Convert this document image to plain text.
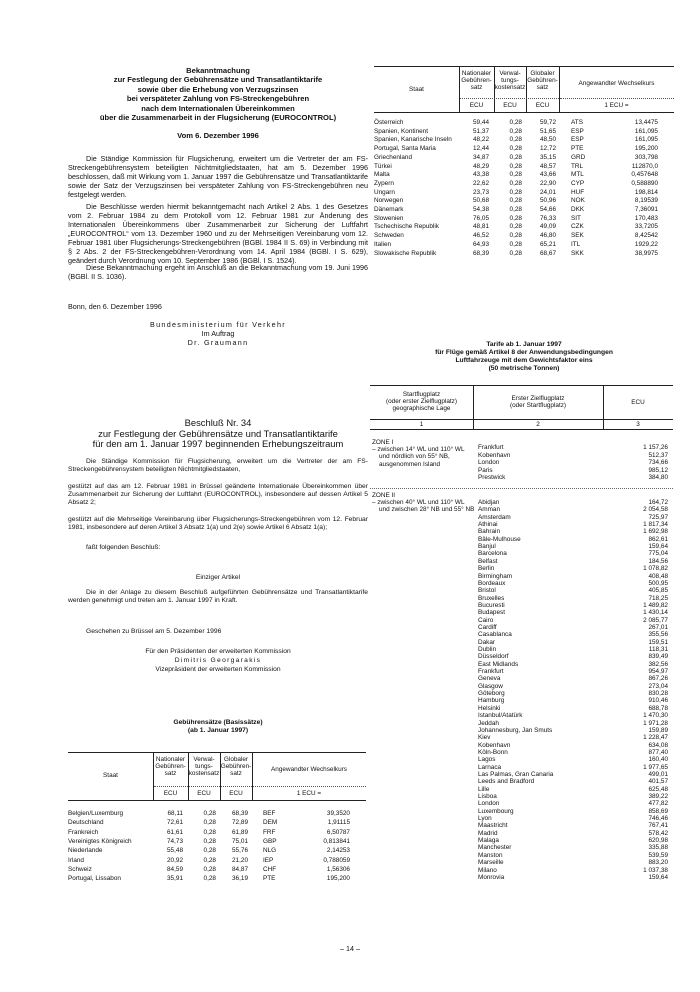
Bekanntmachung
zur Festlegung der Gebührensätze und Transatlantiktarife
sowie über die Erhebung von Verzugszinsen
bei verspäteter Zahlung von FS-Streckengebühren
nach dem Internationalen Übereinkommen
über die Zusammenarbeit in der Flugsicherung (EUROCONTROL)
Vom 6. Dezember 1996
Die Ständige Kommission für Flugsicherung, erweitert um die Vertreter der am FS-Streckengebührensystem beteiligten Nichtmitgliedstaaten, hat am 5. Dezember 1996 beschlossen, daß mit Wirkung vom 1. Januar 1997 die Gebührensätze und Transatlantiktarife sowie der Satz der Verzugszinsen bei verspäteter Zahlung von FS-Streckengebühren neu festgelegt werden.
Die Beschlüsse werden hiermit bekanntgemacht nach Artikel 2 Abs. 1 des Gesetzes vom 2. Februar 1984 zu dem Protokoll vom 12. Februar 1981 zur Änderung des Internationalen Übereinkommens über Zusammenarbeit zur Sicherung der Luftfahrt „EUROCONTROL“ vom 13. Dezember 1960 und zu der Mehrseitigen Vereinbarung vom 12. Februar 1981 über Flugsicherungs-Streckengebühren (BGBl. 1984 II S. 69) in Verbindung mit § 2 Abs. 2 der FS-Streckengebühren-Verordnung vom 14. April 1984 (BGBl. I S. 629), geändert durch Verordnung vom 10. September 1986 (BGBl. I S. 1524).
Diese Bekanntmachung ergeht im Anschluß an die Bekanntmachung vom 19. Juni 1996 (BGBl. II S. 1036).
Bonn, den 6. Dezember 1996
Bundesministerium für Verkehr
Im Auftrag
Dr. Graumann
Beschluß Nr. 34
zur Festlegung der Gebührensätze und Transatlantiktarife
für den am 1. Januar 1997 beginnenden Erhebungszeitraum
Die Ständige Kommission für Flugsicherung, erweitert um die Vertreter der am FS-Streckengebührensystem beteiligten Nichtmitgliedstaaten,
gestützt auf das am 12. Februar 1981 in Brüssel geänderte Internationale Übereinkommen über Zusammenarbeit zur Sicherung der Luftfahrt (EUROCONTROL), insbesondere auf dessen Artikel 5 Absatz 2;
gestützt auf die Mehrseitige Vereinbarung über Flugsicherungs-Streckengebühren vom 12. Februar 1981, insbesondere auf deren Artikel 3 Absatz 1(a) und 2(e) sowie Artikel 6 Absatz 1(a);
faßt folgenden Beschluß:
Einziger Artikel
Die in der Anlage zu diesem Beschluß aufgeführten Gebührensätze und Transatlantiktarife werden genehmigt und treten am 1. Januar 1997 in Kraft.
Geschehen zu Brüssel am 5. Dezember 1996
Für den Präsidenten der erweiterten Kommission
Dimitris Georgarakis
Vizepräsident der erweiterten Kommission
Gebührensätze (Basissätze)
(ab 1. Januar 1997)
Staat
Nationaler
Gebühren-
satz
Verwal-
tungs-
kostensatz
Globaler
Gebühren-
satz
Angewandter Wechselkurs
ECU	ECU	ECU	1 ECU =
Belgien/Luxemburg	68,11	0,28	68,39 BEF	39,3520
Deutschland	72,61	0,28	72,89 DEM	1,91115
Frankreich	61,61	0,28	61,89 FRF	6,50787
Vereinigtes Königreich	74,73	0,28	75,01 GBP	0,813841
Niederlande	55,48	0,28	55,76 NLG	2,14253
Irland	20,92	0,28	21,20 IEP	0,788059
Schweiz	84,59	0,28	84,87 CHF	1,56306
Portugal, Lissabon	35,91	0,28	36,19 PTE	195,200
Staat
Nationaler
Gebühren-
satz
Verwal-
tungs-
kostensatz
Globaler
Gebühren-
satz
Angewandter Wechselkurs
ECU	ECU	ECU	1 ECU =
Österreich	59,44	0,28	59,72 ATS	13,4475
Spanien, Kontinent	51,37	0,28	51,65 ESP	161,095
Spanien, Kanarische Inseln	48,22	0,28	48,50 ESP	161,095
Portugal, Santa Maria	12,44	0,28	12,72 PTE	195,200
Griechenland	34,87	0,28	35,15 GRD	303,798
Türkei	48,29	0,28	48,57 TRL	112870,0
Malta	43,38	0,28	43,66 MTL	0,457648
Zypern	22,62	0,28	22,90 CYP	0,588890
Ungarn	23,73	0,28	24,01 HUF	198,814
Norwegen	50,68	0,28	50,96 NOK	8,19539
Dänemark	54,38	0,28	54,66 DKK	7,36091
Slowenien	76,05	0,28	76,33 SIT	170,483
Tschechische Republik	48,81	0,28	49,09 CZK	33,7205
Schweden	46,52	0,28	46,80 SEK	8,42542
Italien	64,93	0,28	65,21 ITL	1929,22
Slowakische Republik	68,39	0,28	68,67 SKK	38,9975
Tarife ab 1. Januar 1997
für Flüge gemäß Artikel 8 der Anwendungsbedingungen
Luftfahrzeuge mit dem Gewichtsfaktor eins
(50 metrische Tonnen)
Startflugplatz
(oder erster Zielflugplatz)
geographische Lage
Erster Zielflugplatz
(oder Startflugplatz)	ECU
1	2	3
ZONE I
– zwischen 14° WL und 110° WL
und nördlich von 55° NB,
ausgenommen Island
Frankfurt	1 157,26
Kobenhavn	512,37
London	734,66
Paris	985,12
Prestwick	384,80
ZONE II
– zwischen 40° WL und 110° WL
und zwischen 28° NB und 55° NB
Abidjan	164,72
Amman	2 054,58
Amsterdam	725,97
Athinai	1 817,34
Bahrain	1 692,98
Bâle-Mulhouse	862,61
Banjul	159,64
Barcelona	775,04
Belfast	184,56
Berlin	1 078,82
Birmingham	408,48
Bordeaux	500,95
Bristol	405,85
Bruxelles	718,25
Bucuresti	1 489,82
Budapest	1 430,14
Cairo	2 085,77
Cardiff	267,01
Casablanca	355,56
Dakar	159,51
Dublin	118,31
Düsseldorf	839,49
East Midlands	382,56
Frankfurt	954,97
Geneva	867,26
Glasgow	273,04
Göteborg	830,28
Hamburg	910,46
Helsinki	688,78
Istanbul/Atatürk	1 470,30
Jeddah	1 971,28
Johannesburg, Jan Smuts	159,89
Kiev	1 228,47
Kobenhavn	634,08
Köln-Bonn	877,40
Lagos	160,40
Larnaca	1 977,65
Las Palmas, Gran Canaria	499,01
Leeds and Bradford	401,57
Lille	625,48
Lisboa	389,22
London	477,82
Luxembourg	858,69
Lyon	746,46
Maastricht	767,41
Madrid	578,42
Malaga	620,98
Manchester	335,88
Manston	539,59
Marseille	883,20
Milano	1 037,38
Monrovia	159,64
– 14 –
